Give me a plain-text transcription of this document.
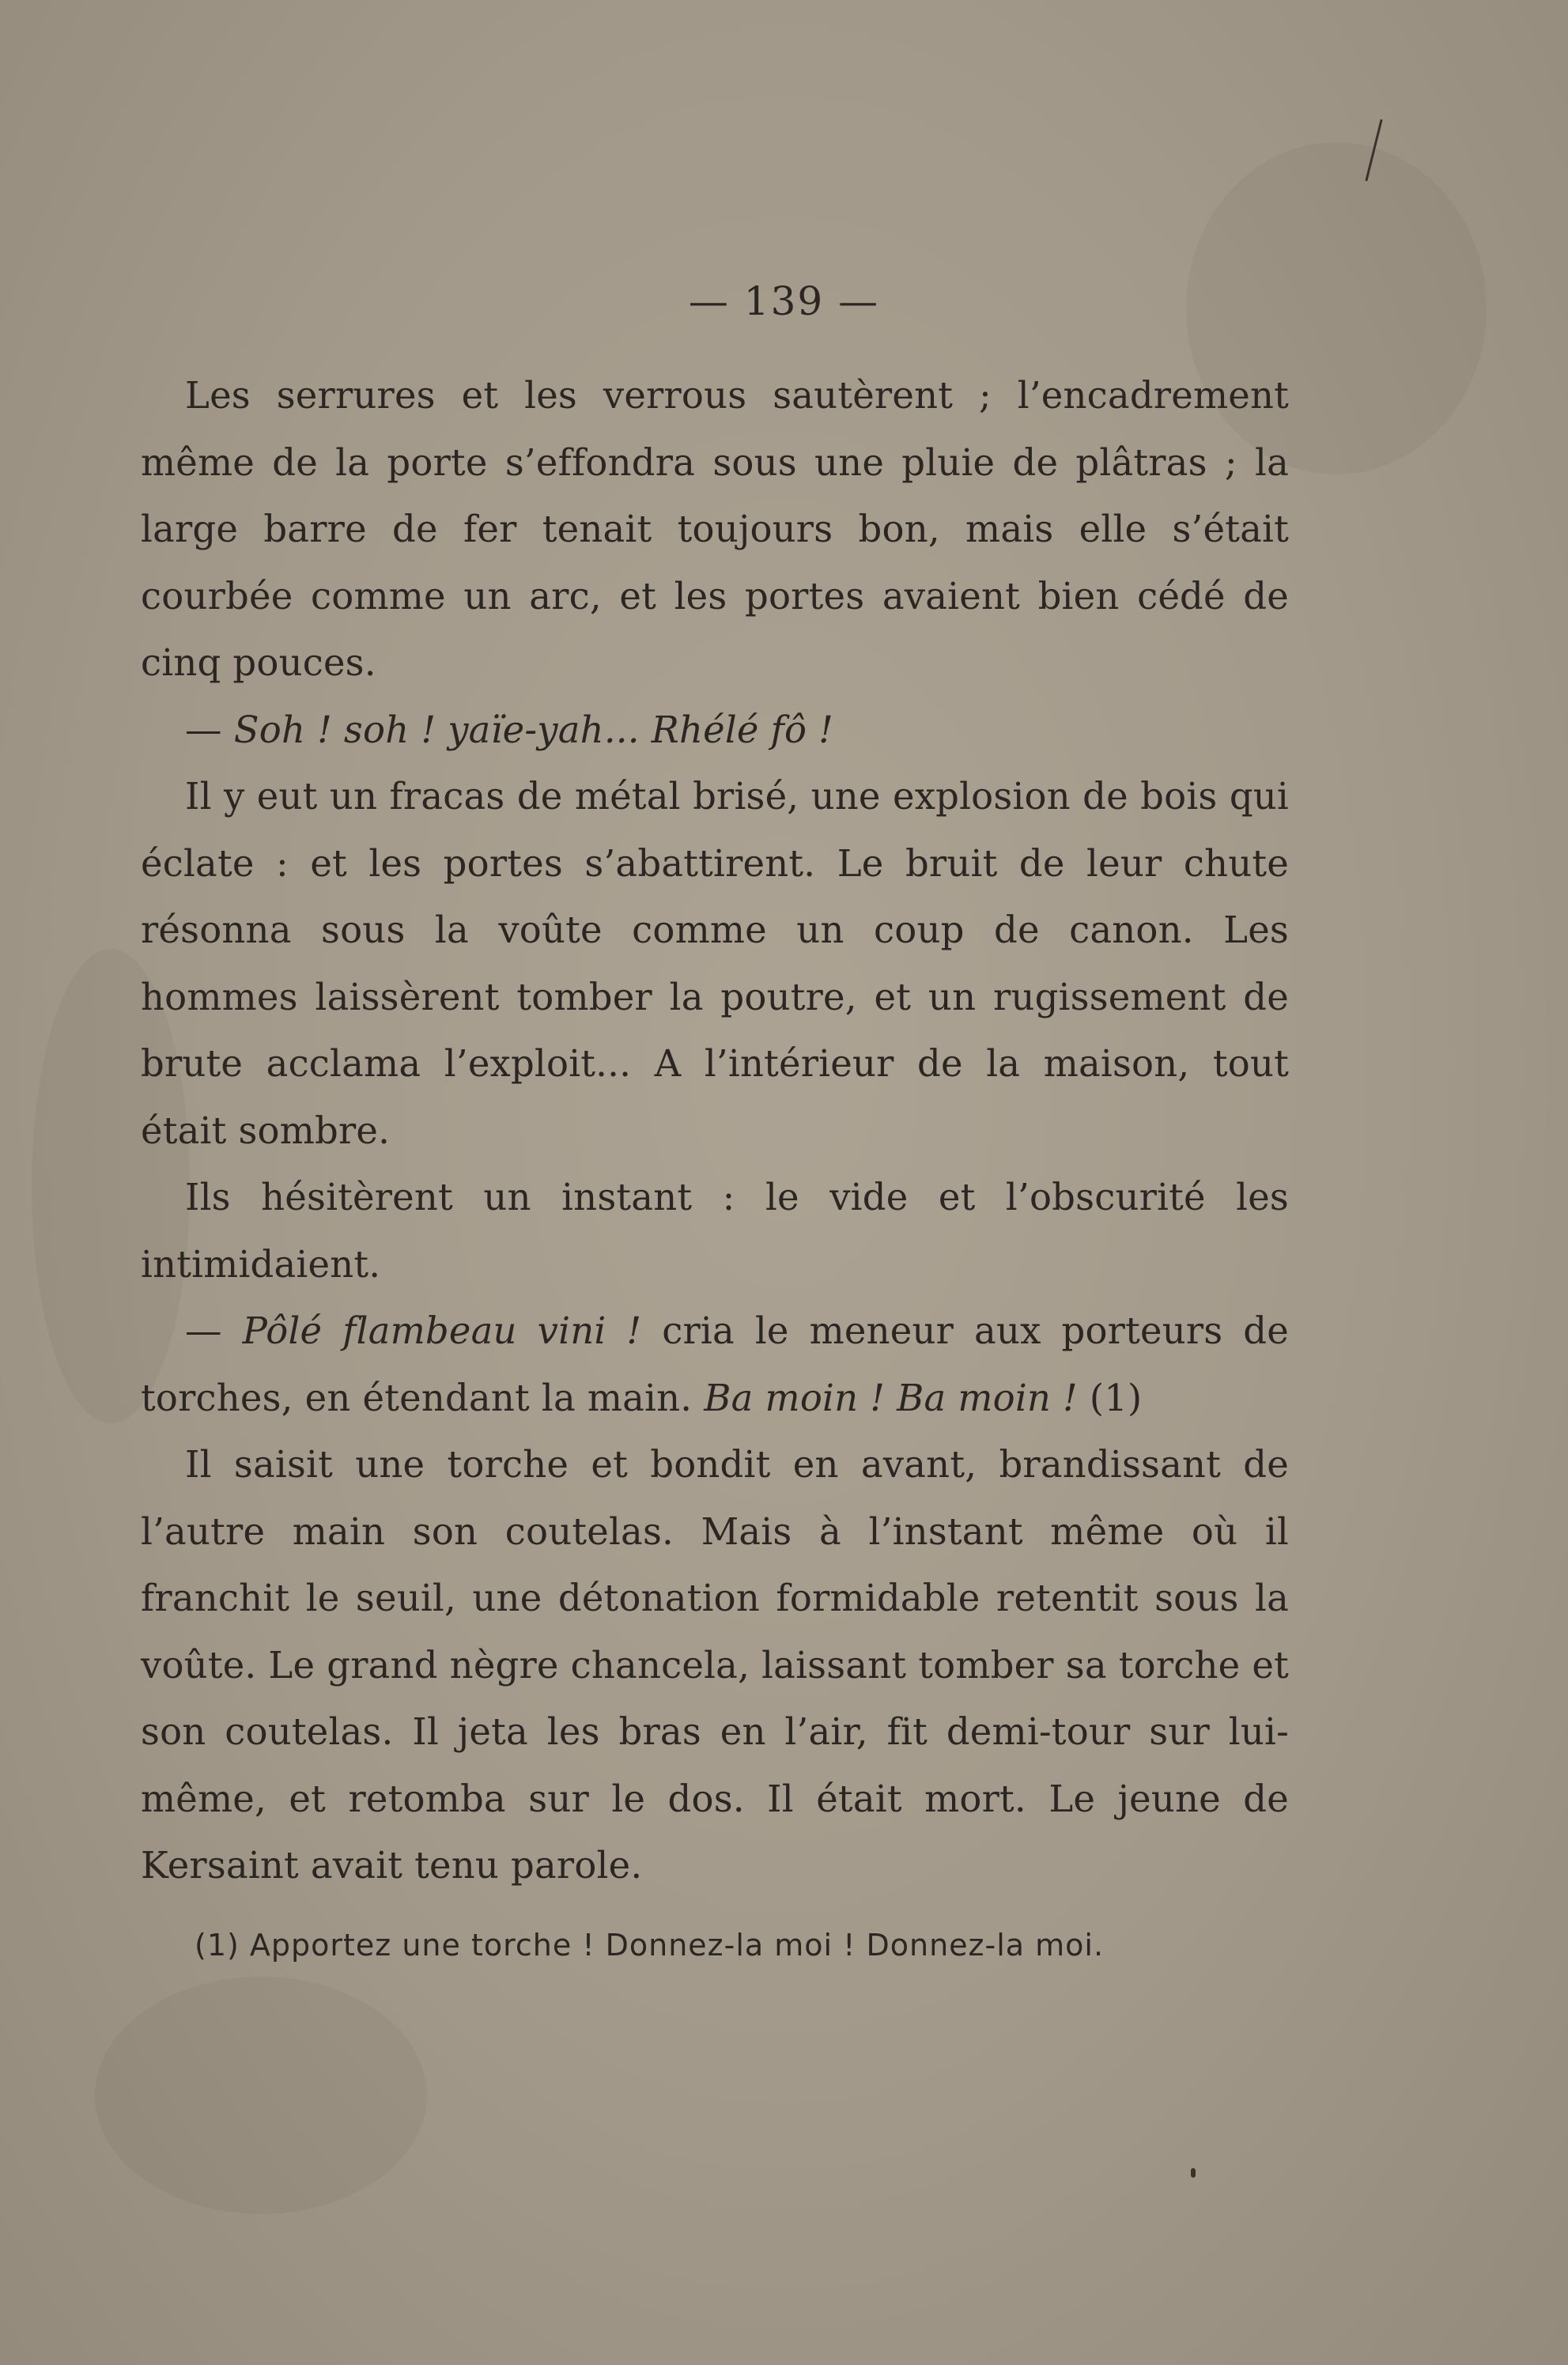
— 139 —

Les serrures et les verrous sautèrent ; l’encadrement même de la porte s’effondra sous une pluie de plâtras ; la large barre de fer tenait toujours bon, mais elle s’était courbée comme un arc, et les portes avaient bien cédé de cinq pouces.

— Soh ! soh ! yaïe-yah... Rhélé fô !

Il y eut un fracas de métal brisé, une explosion de bois qui éclate : et les portes s’abattirent. Le bruit de leur chute résonna sous la voûte comme un coup de canon. Les hommes laissèrent tomber la poutre, et un rugissement de brute acclama l’exploit... A l’intérieur de la maison, tout était sombre.

Ils hésitèrent un instant : le vide et l’obscurité les intimidaient.

— Pôlé flambeau vini ! cria le meneur aux porteurs de torches, en étendant la main. Ba moin ! Ba moin ! (1)

Il saisit une torche et bondit en avant, brandissant de l’autre main son coutelas. Mais à l’instant même où il franchit le seuil, une détonation formidable retentit sous la voûte. Le grand nègre chancela, laissant tomber sa torche et son coutelas. Il jeta les bras en l’air, fit demi-tour sur lui-même, et retomba sur le dos. Il était mort. Le jeune de Kersaint avait tenu parole.

(1) Apportez une torche ! Donnez-la moi ! Donnez-la moi.
